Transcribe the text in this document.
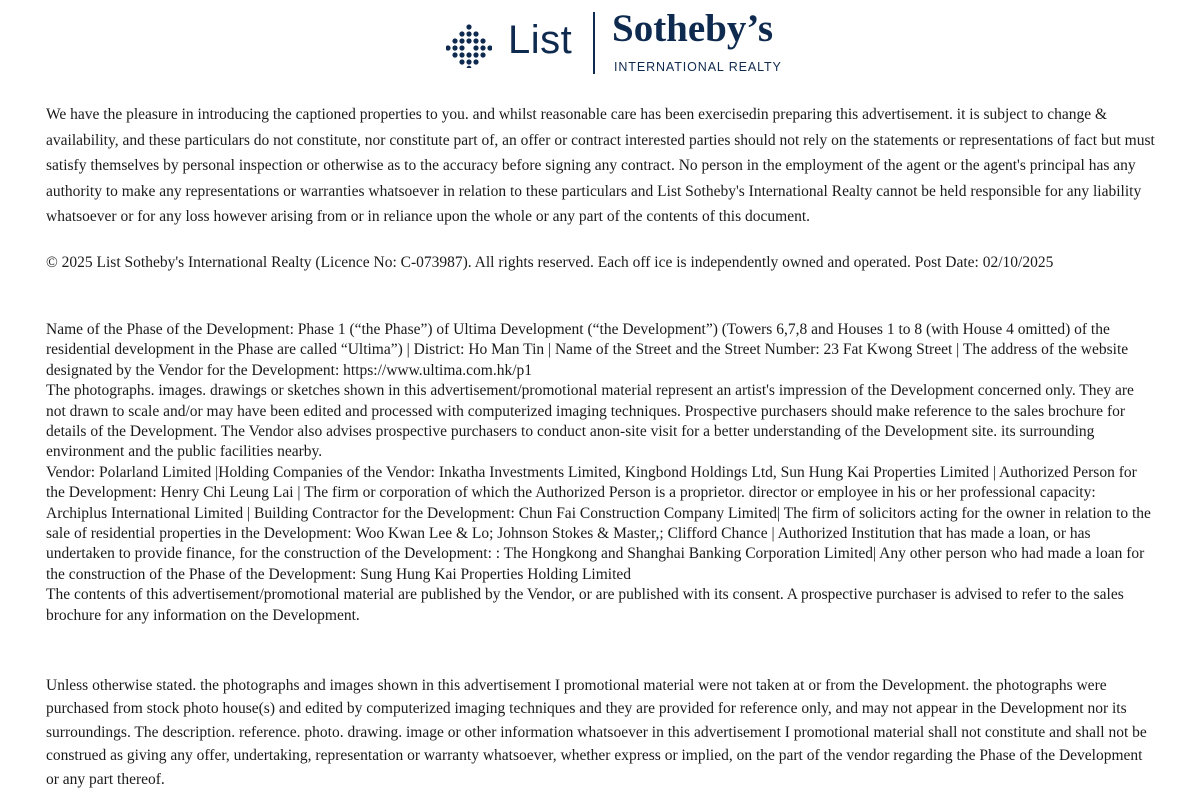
List Sotheby’s
INTERNATIONAL REALTY

We have the pleasure in introducing the captioned properties to you. and whilst reasonable care has been exercisedin preparing this advertisement. it is subject to change & availability, and these particulars do not constitute, nor constitute part of, an offer or contract interested parties should not rely on the statements or representations of fact but must satisfy themselves by personal inspection or otherwise as to the accuracy before signing any contract. No person in the employment of the agent or the agent's principal has any authority to make any representations or warranties whatsoever in relation to these particulars and List Sotheby's International Realty cannot be held responsible for any liability whatsoever or for any loss however arising from or in reliance upon the whole or any part of the contents of this document.

© 2025 List Sotheby's International Realty (Licence No: C-073987). All rights reserved. Each off ice is independently owned and operated. Post Date: 02/10/2025

Name of the Phase of the Development: Phase 1 (“the Phase”) of Ultima Development (“the Development”) (Towers 6,7,8 and Houses 1 to 8 (with House 4 omitted) of the residential development in the Phase are called “Ultima”) | District: Ho Man Tin | Name of the Street and the Street Number: 23 Fat Kwong Street | The address of the website designated by the Vendor for the Development: https://www.ultima.com.hk/p1
The photographs. images. drawings or sketches shown in this advertisement/promotional material represent an artist's impression of the Development concerned only. They are not drawn to scale and/or may have been edited and processed with computerized imaging techniques. Prospective purchasers should make reference to the sales brochure for details of the Development. The Vendor also advises prospective purchasers to conduct anon-site visit for a better understanding of the Development site. its surrounding environment and the public facilities nearby.
Vendor: Polarland Limited |Holding Companies of the Vendor: Inkatha Investments Limited, Kingbond Holdings Ltd, Sun Hung Kai Properties Limited | Authorized Person for the Development: Henry Chi Leung Lai | The firm or corporation of which the Authorized Person is a proprietor. director or employee in his or her professional capacity: Archiplus International Limited | Building Contractor for the Development: Chun Fai Construction Company Limited| The firm of solicitors acting for the owner in relation to the sale of residential properties in the Development: Woo Kwan Lee & Lo; Johnson Stokes & Master,; Clifford Chance | Authorized Institution that has made a loan, or has undertaken to provide finance, for the construction of the Development: : The Hongkong and Shanghai Banking Corporation Limited| Any other person who had made a loan for the construction of the Phase of the Development: Sung Hung Kai Properties Holding Limited
The contents of this advertisement/promotional material are published by the Vendor, or are published with its consent. A prospective purchaser is advised to refer to the sales brochure for any information on the Development.

Unless otherwise stated. the photographs and images shown in this advertisement I promotional material were not taken at or from the Development. the photographs were purchased from stock photo house(s) and edited by computerized imaging techniques and they are provided for reference only, and may not appear in the Development nor its surroundings. The description. reference. photo. drawing. image or other information whatsoever in this advertisement I promotional material shall not constitute and shall not be construed as giving any offer, undertaking, representation or warranty whatsoever, whether express or implied, on the part of the vendor regarding the Phase of the Development or any part thereof.
